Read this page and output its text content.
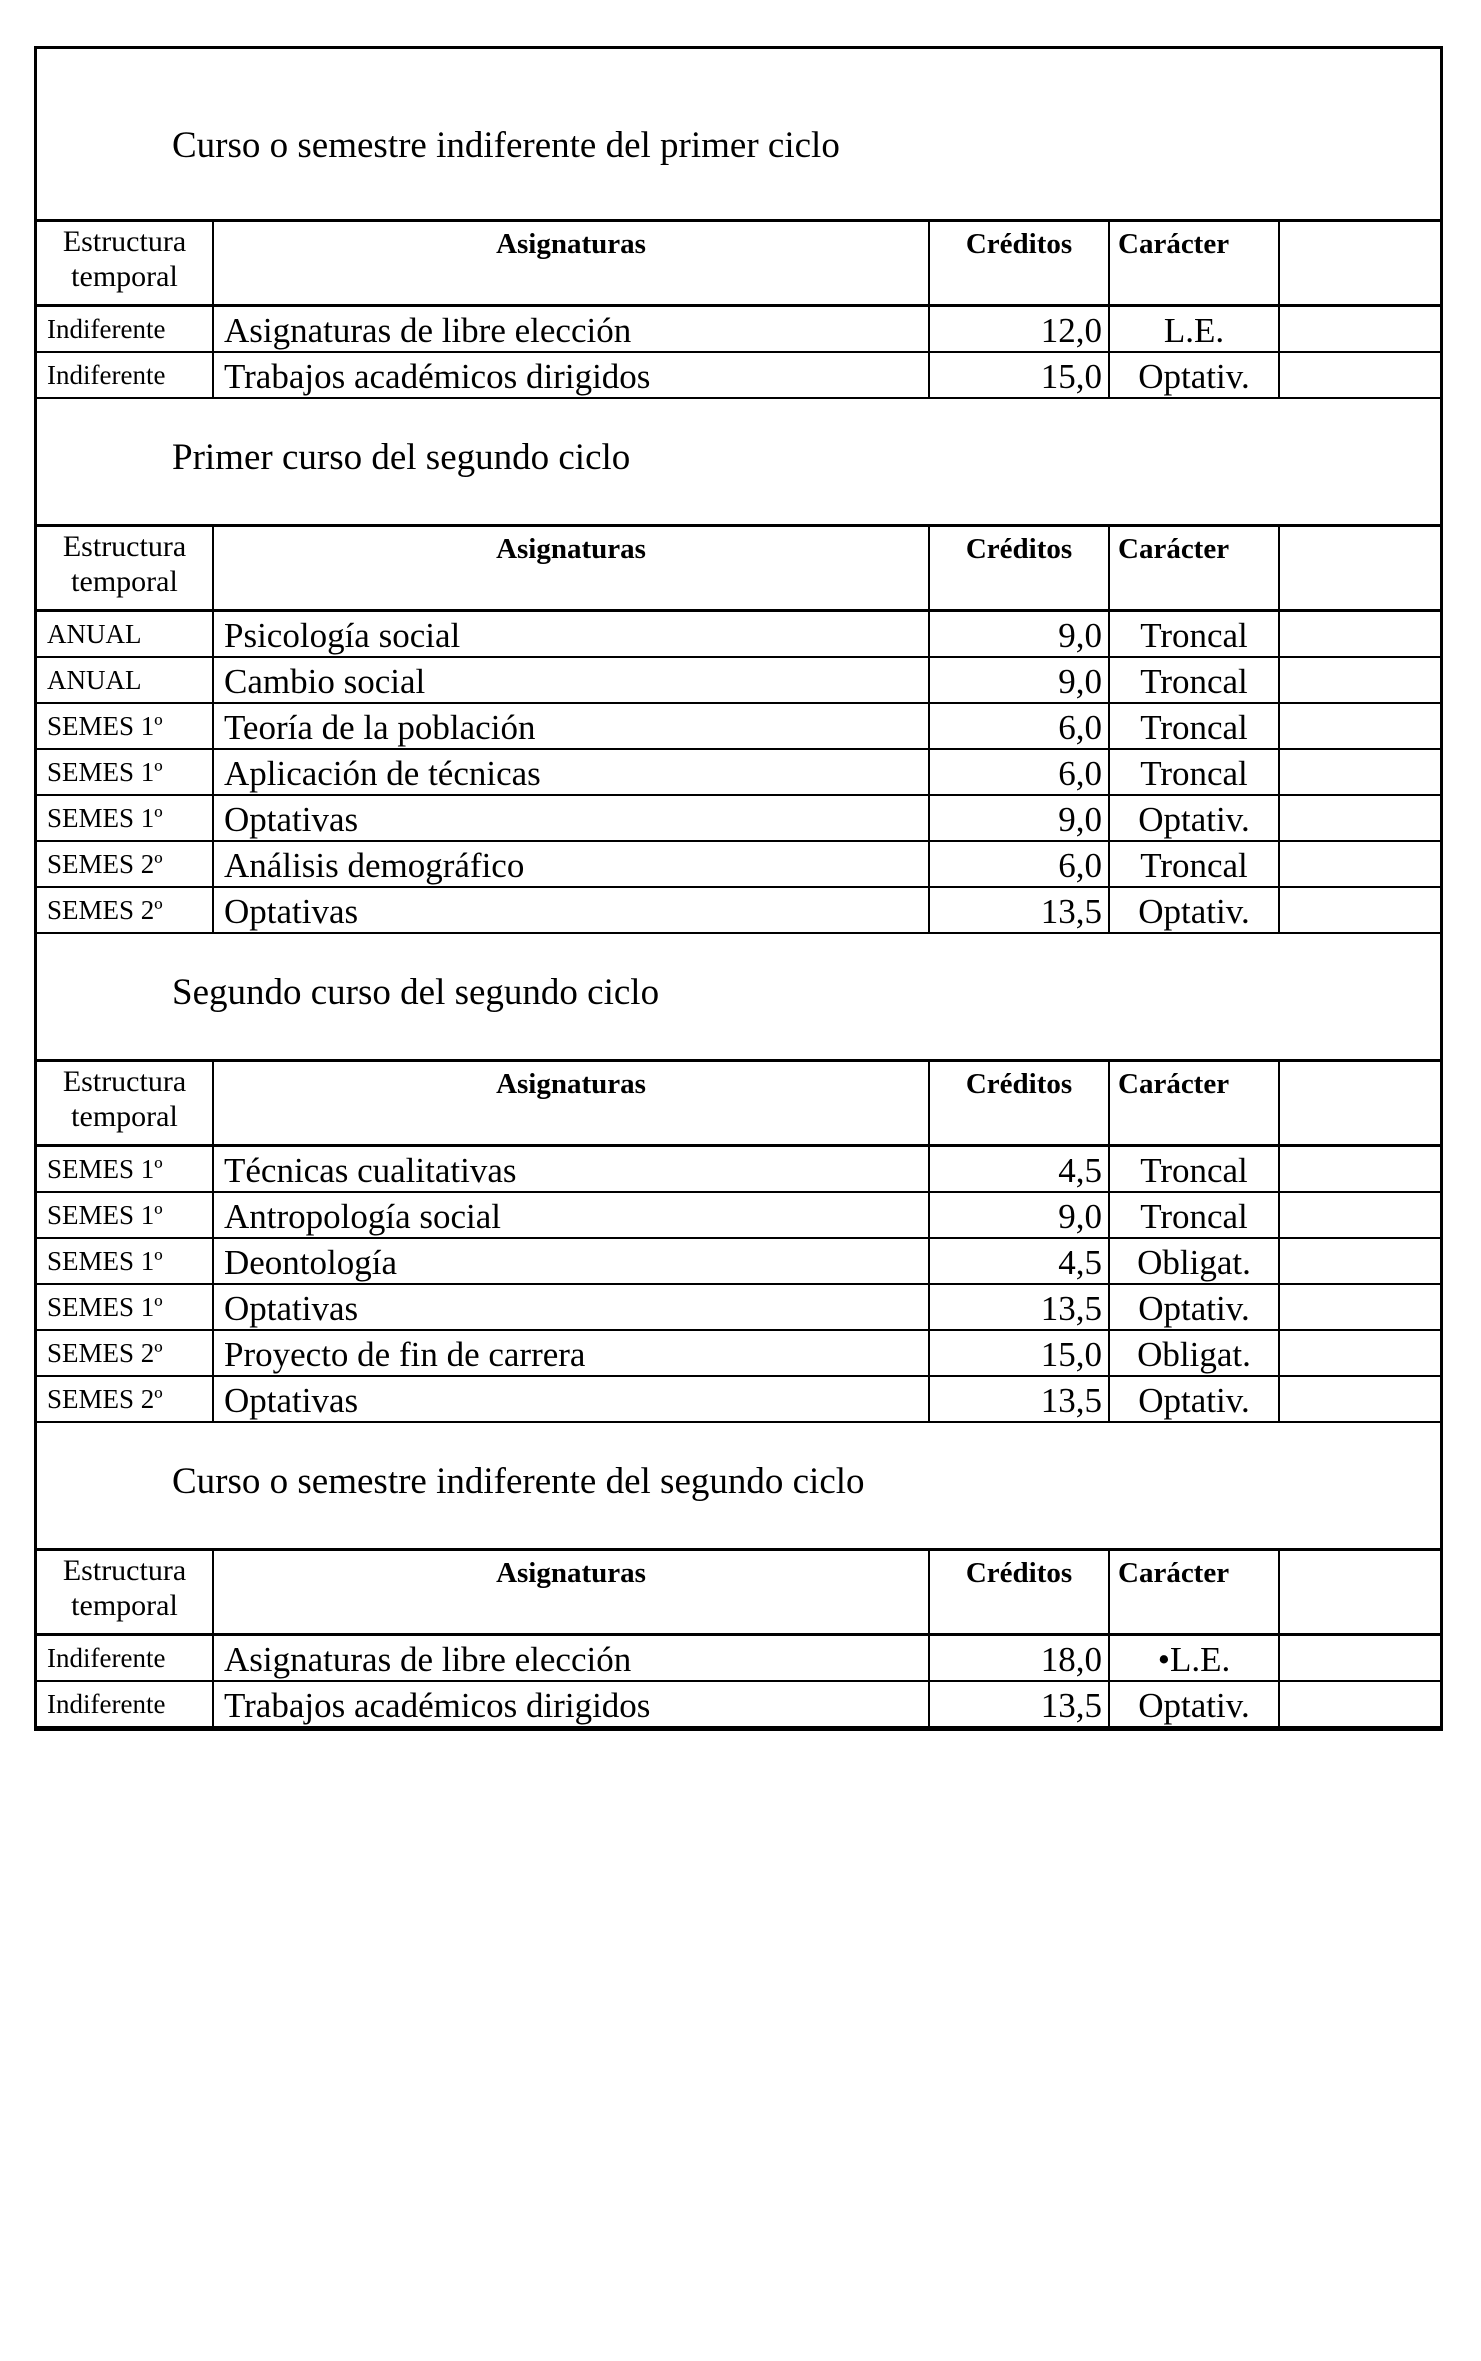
Curso o semestre indiferente del primer ciclo
Estructura temporal	Asignaturas	Créditos	Carácter	
Indiferente	Asignaturas de libre elección	12,0	L.E.	
Indiferente	Trabajos académicos dirigidos	15,0	Optativ.	
Primer curso del segundo ciclo
Estructura temporal	Asignaturas	Créditos	Carácter	
ANUAL	Psicología social	9,0	Troncal	
ANUAL	Cambio social	9,0	Troncal	
SEMES 1º	Teoría de la población	6,0	Troncal	
SEMES 1º	Aplicación de técnicas	6,0	Troncal	
SEMES 1º	Optativas	9,0	Optativ.	
SEMES 2º	Análisis demográfico	6,0	Troncal	
SEMES 2º	Optativas	13,5	Optativ.	
Segundo curso del segundo ciclo
Estructura temporal	Asignaturas	Créditos	Carácter	
SEMES 1º	Técnicas cualitativas	4,5	Troncal	
SEMES 1º	Antropología social	9,0	Troncal	
SEMES 1º	Deontología	4,5	Obligat.	
SEMES 1º	Optativas	13,5	Optativ.	
SEMES 2º	Proyecto de fin de carrera	15,0	Obligat.	
SEMES 2º	Optativas	13,5	Optativ.	
Curso o semestre indiferente del segundo ciclo
Estructura temporal	Asignaturas	Créditos	Carácter	
Indiferente	Asignaturas de libre elección	18,0	•L.E.	
Indiferente	Trabajos académicos dirigidos	13,5	Optativ.	
